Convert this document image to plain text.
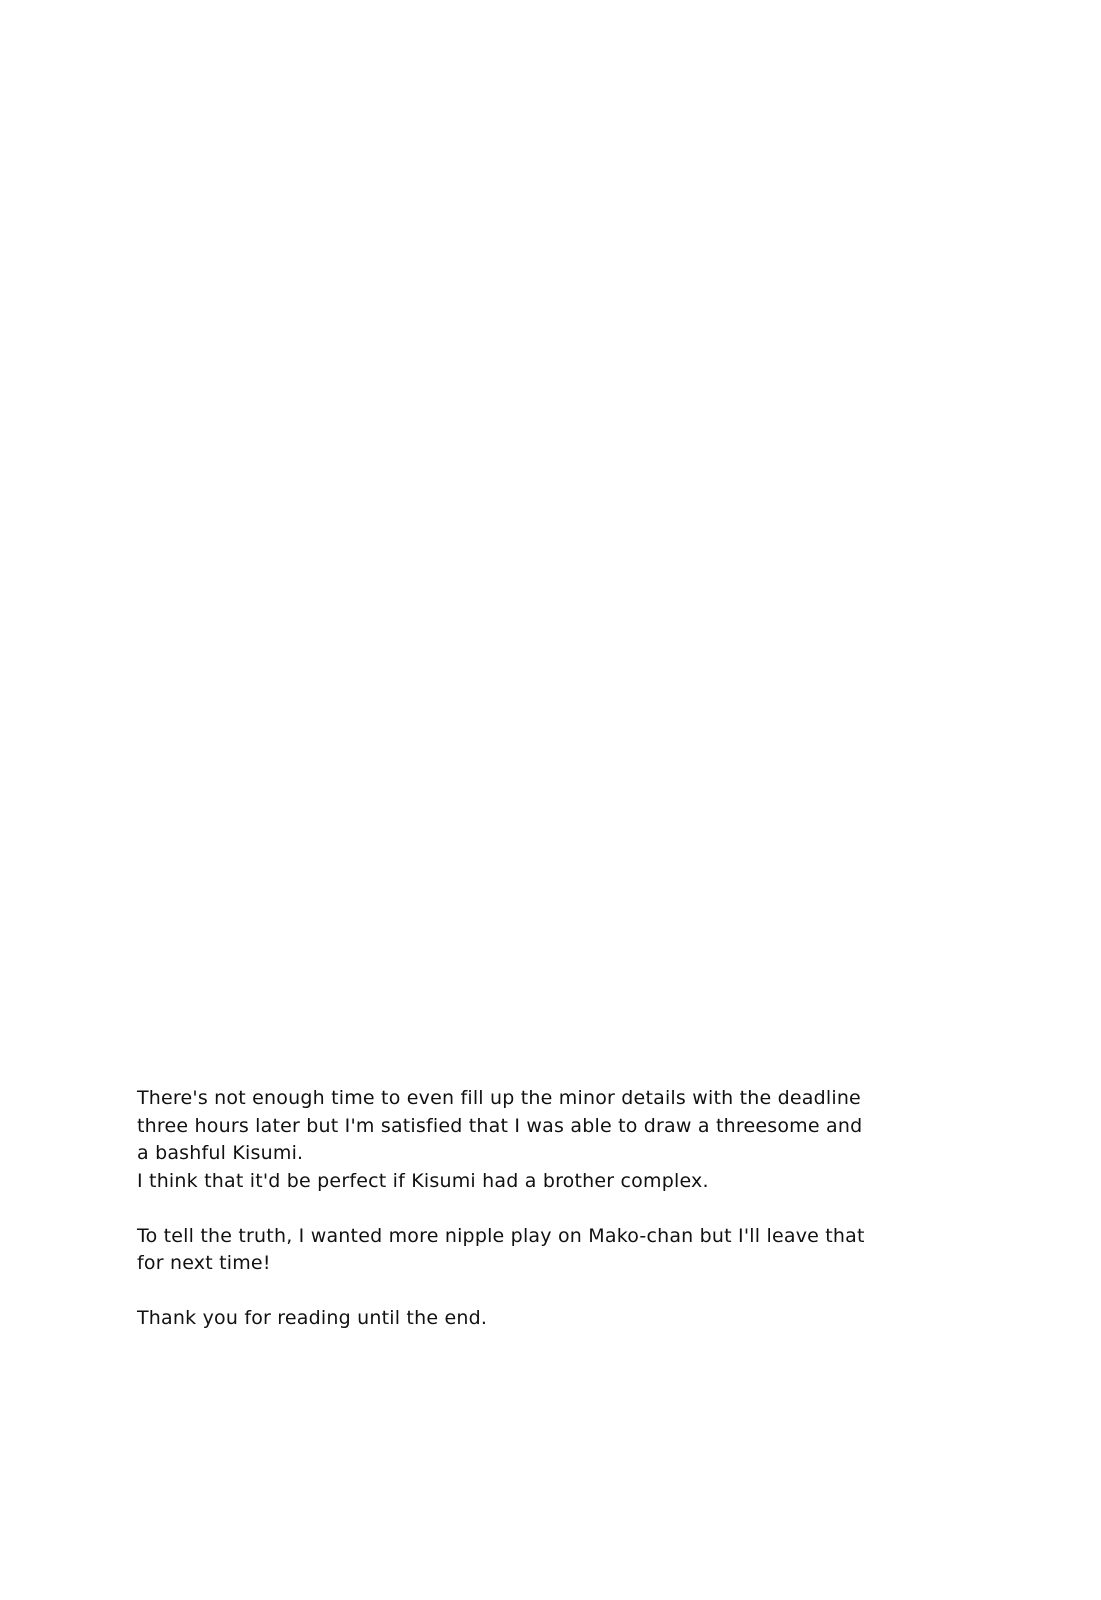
There's not enough time to even fill up the minor details with the deadline
three hours later but I'm satisfied that I was able to draw a threesome and
a bashful Kisumi.
I think that it'd be perfect if Kisumi had a brother complex.

To tell the truth, I wanted more nipple play on Mako-chan but I'll leave that
for next time!

Thank you for reading until the end.
